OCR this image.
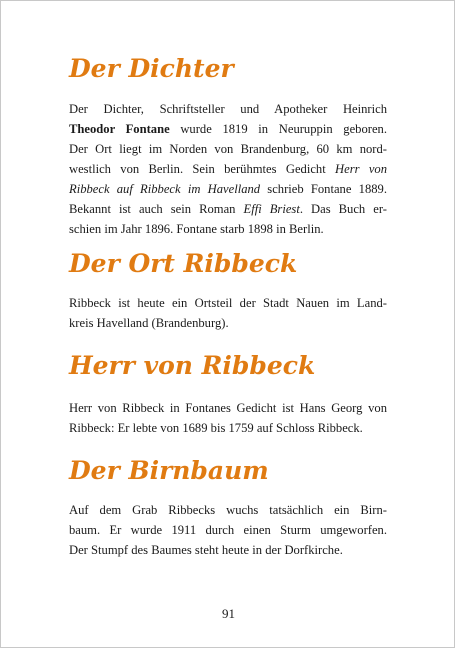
Der Dichter
Der Dichter, Schriftsteller und Apotheker Heinrich
Theodor Fontane wurde 1819 in Neuruppin geboren.
Der Ort liegt im Norden von Brandenburg, 60 km nord-
westlich von Berlin. Sein berühmtes Gedicht Herr von
Ribbeck auf Ribbeck im Havelland schrieb Fontane 1889.
Bekannt ist auch sein Roman Effi Briest. Das Buch er-
schien im Jahr 1896. Fontane starb 1898 in Berlin.
Der Ort Ribbeck
Ribbeck ist heute ein Ortsteil der Stadt Nauen im Land-
kreis Havelland (Brandenburg).
Herr von Ribbeck
Herr von Ribbeck in Fontanes Gedicht ist Hans Georg von
Ribbeck: Er lebte von 1689 bis 1759 auf Schloss Ribbeck.
Der Birnbaum
Auf dem Grab Ribbecks wuchs tatsächlich ein Birn-
baum. Er wurde 1911 durch einen Sturm umgeworfen.
Der Stumpf des Baumes steht heute in der Dorfkirche.
91
